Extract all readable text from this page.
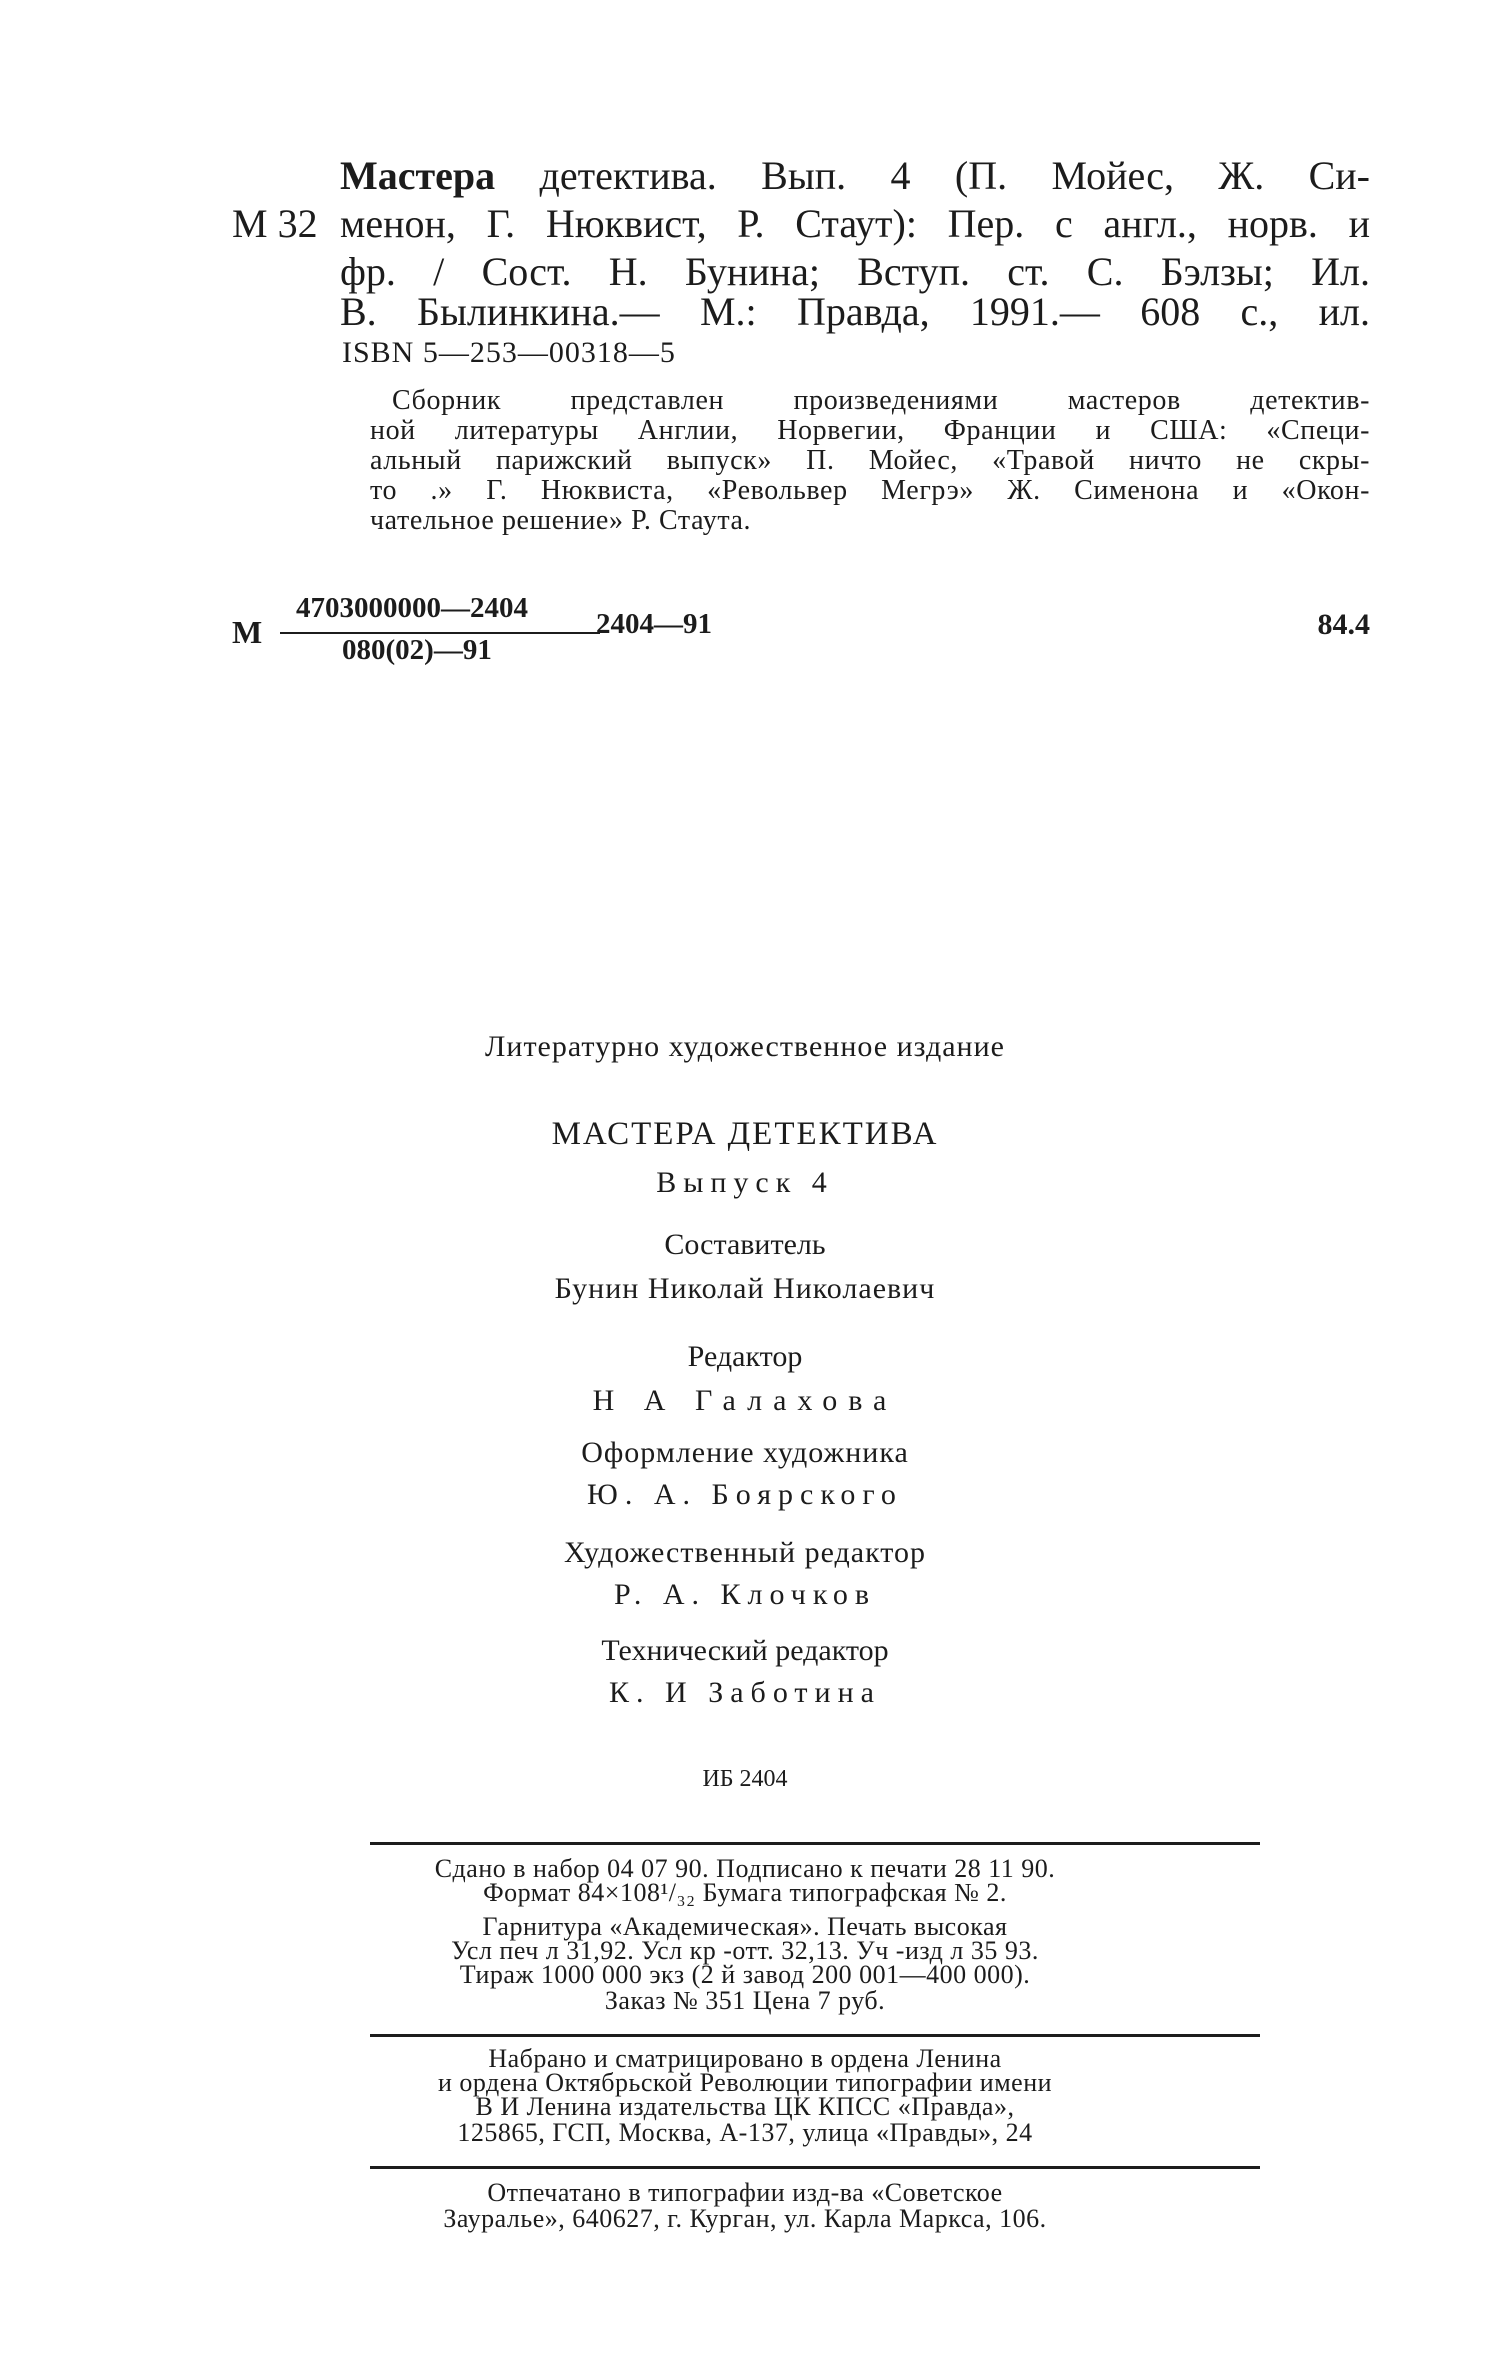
Мастера детектива. Вып. 4 (П. Мойес, Ж. Си-
М 32 менон, Г. Нюквист, Р. Стаут): Пер. с англ., норв. и
фр. / Сост. Н. Бунина; Вступ. ст. С. Бэлзы; Ил.
В. Былинкина.— М.: Правда, 1991.— 608 с., ил.
ISBN 5—253—00318—5
Сборник представлен произведениями мастеров детектив-
ной литературы Англии, Норвегии, Франции и США: «Специ-
альный парижский выпуск» П. Мойес, «Травой ничто не скры-
то .» Г. Нюквиста, «Револьвер Мегрэ» Ж. Сименона и «Окон-
чательное решение» Р. Стаута.
М
4703000000—2404
080(02)—91
2404—91	84.4
Литературно художественное издание
МАСТЕРА ДЕТЕКТИВА
Выпуск 4
Составитель
Бунин Николай Николаевич
Редактор
Н А Галахова
Оформление художника
Ю. А. Боярского
Художественный редактор
Р. А. Клочков
Технический редактор
К. И Заботина
ИБ 2404
Сдано в набор 04 07 90. Подписано к печати 28 11 90.
Формат 84×108¹/₃₂ Бумага типографская № 2.
Гарнитура «Академическая». Печать высокая
Усл печ л 31,92. Усл кр -отт. 32,13. Уч -изд л 35 93.
Тираж 1000 000 экз (2 й завод 200 001—400 000).
Заказ № 351 Цена 7 руб.
Набрано и сматрицировано в ордена Ленина
и ордена Октябрьской Революции типографии имени
В И Ленина издательства ЦК КПСС «Правда»,
125865, ГСП, Москва, А-137, улица «Правды», 24
Отпечатано в типографии изд-ва «Советское
Зауралье», 640627, г. Курган, ул. Карла Маркса, 106.
